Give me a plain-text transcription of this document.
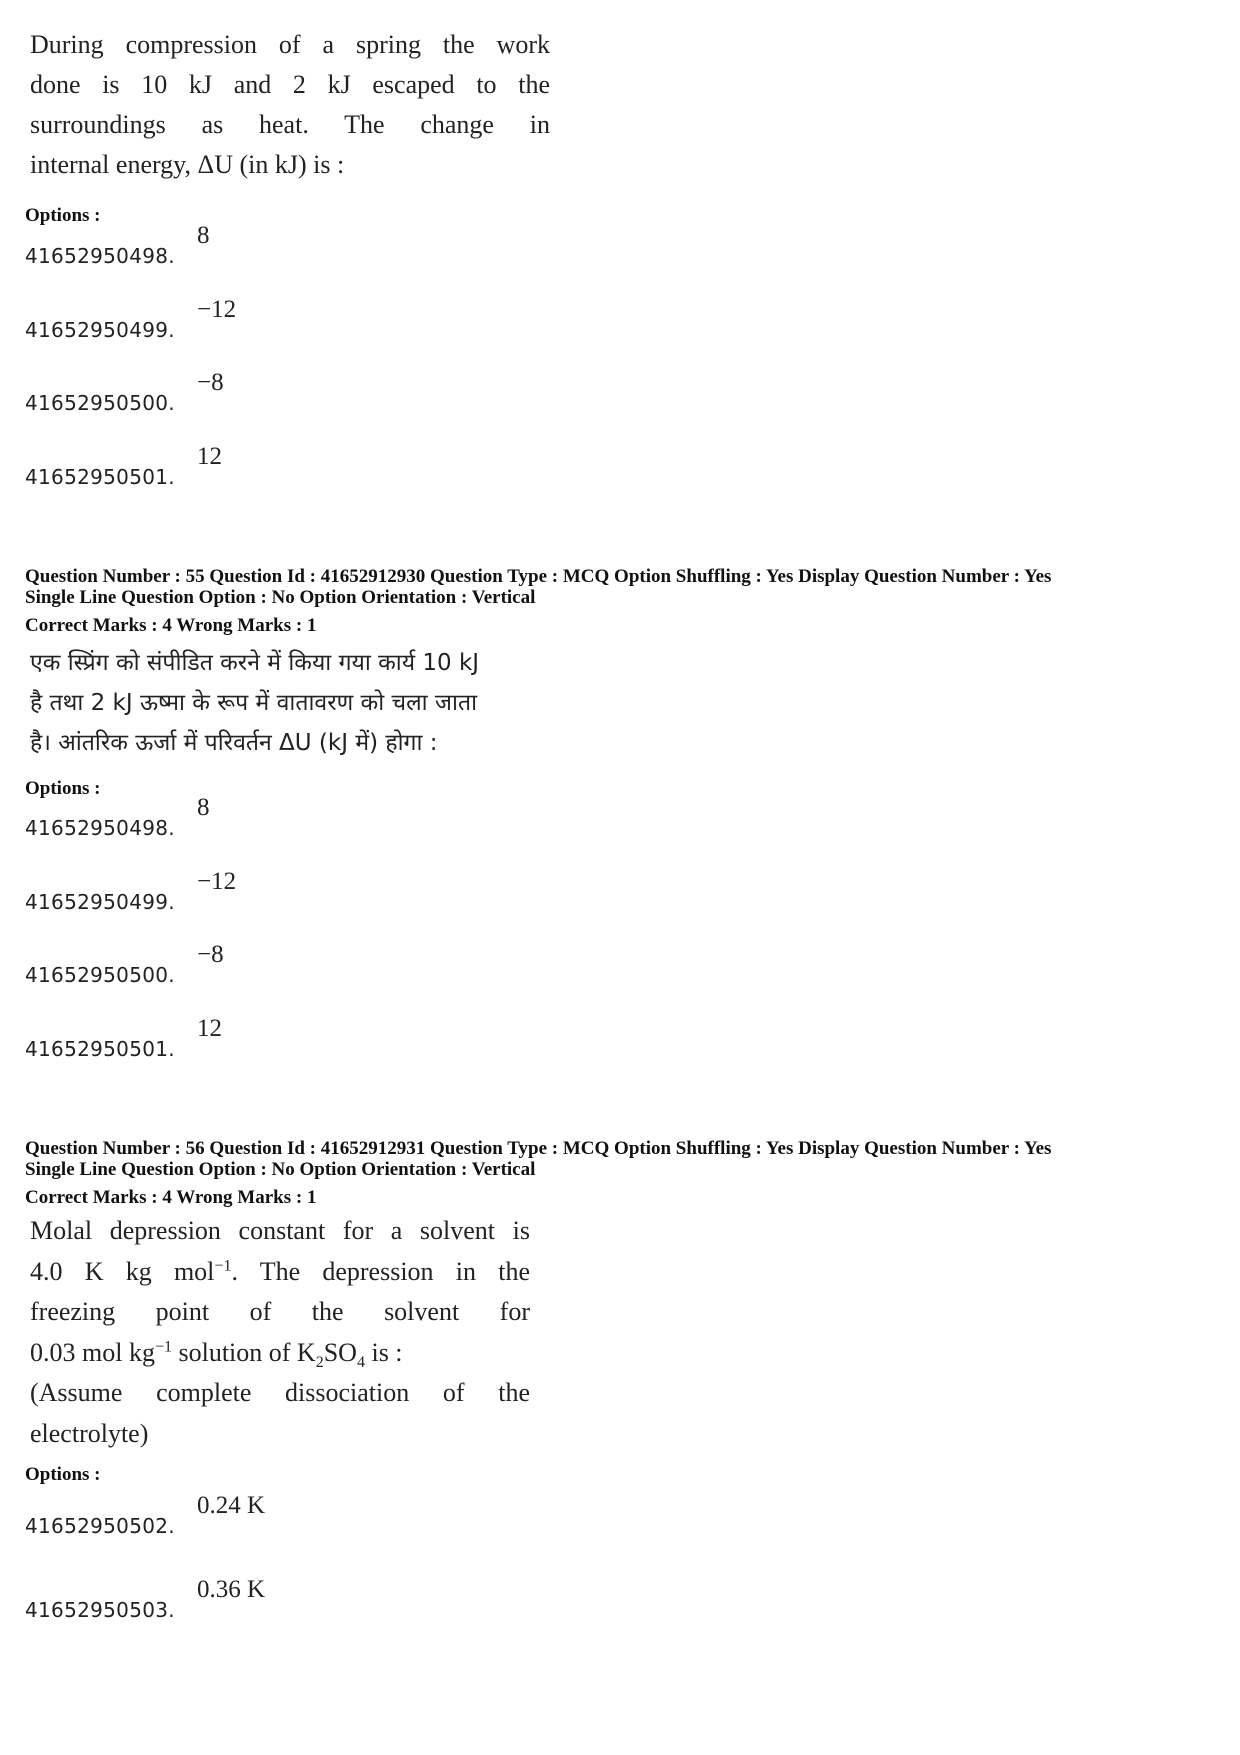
During compression of a spring the work
done is 10 kJ and 2 kJ escaped to the
surroundings as heat. The change in
internal energy, ΔU (in kJ) is :
Options :
41652950498.
8
41652950499.
−12
41652950500.
−8
41652950501.
12
Question Number : 55 Question Id : 41652912930 Question Type : MCQ Option Shuffling : Yes Display Question Number : Yes
Single Line Question Option : No Option Orientation : Vertical
Correct Marks : 4 Wrong Marks : 1
एक स्प्रिंग को संपीडित करने में किया गया कार्य 10 kJ
है तथा 2 kJ ऊष्मा के रूप में वातावरण को चला जाता
है। आंतरिक ऊर्जा में परिवर्तन ΔU (kJ में) होगा :
Options :
41652950498.
8
41652950499.
−12
41652950500.
−8
41652950501.
12
Question Number : 56 Question Id : 41652912931 Question Type : MCQ Option Shuffling : Yes Display Question Number : Yes
Single Line Question Option : No Option Orientation : Vertical
Correct Marks : 4 Wrong Marks : 1
Molal depression constant for a solvent is
4.0 K kg mol$^{-1}$. The depression in the
freezing point of the solvent for
0.03 mol $kg^{-1}$ solution of $K_2SO_4$ is :
(Assume complete dissociation of the
electrolyte)
Options :
41652950502.
0.24 K
41652950503.
0.36 K
